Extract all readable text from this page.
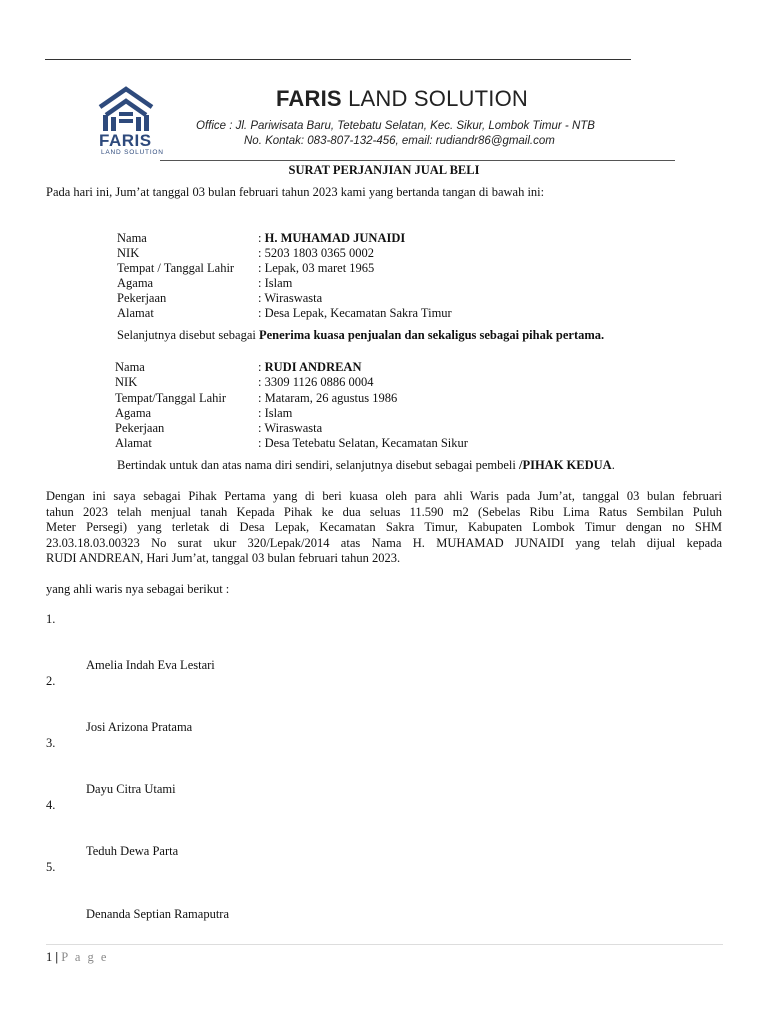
FARIS
LAND SOLUTION
FARIS LAND SOLUTION
Office : Jl. Pariwisata Baru, Tetebatu Selatan, Kec. Sikur, Lombok Timur - NTB
No. Kontak: 083-807-132-456, email: rudiandr86@gmail.com
SURAT PERJANJIAN JUAL BELI
Pada hari ini, Jum’at tanggal 03 bulan februari tahun 2023 kami yang bertanda tangan di bawah ini:
Nama	: H. MUHAMAD JUNAIDI
NIK	: 5203 1803 0365 0002
Tempat / Tanggal Lahir : Lepak, 03 maret 1965
Agama	: Islam
Pekerjaan	: Wiraswasta
Alamat	: Desa Lepak, Kecamatan Sakra Timur
Selanjutnya disebut sebagai Penerima kuasa penjualan dan sekaligus sebagai pihak pertama.
Nama	: RUDI ANDREAN
NIK	: 3309 1126 0886 0004
Tempat/Tanggal Lahir	: Mataram, 26 agustus 1986
Agama	: Islam
Pekerjaan	: Wiraswasta
Alamat	: Desa Tetebatu Selatan, Kecamatan Sikur
Bertindak untuk dan atas nama diri sendiri, selanjutnya disebut sebagai pembeli /PIHAK KEDUA.
Dengan ini saya sebagai Pihak Pertama yang di beri kuasa oleh para ahli Waris pada Jum’at, tanggal 03 bulan februari
tahun 2023 telah menjual tanah Kepada Pihak ke dua seluas 11.590 m2 (Sebelas Ribu Lima Ratus Sembilan Puluh
Meter Persegi) yang terletak di Desa Lepak, Kecamatan Sakra Timur, Kabupaten Lombok Timur dengan no SHM
23.03.18.03.00323 No surat ukur 320/Lepak/2014 atas Nama H. MUHAMAD JUNAIDI yang telah dijual kepada
RUDI ANDREAN, Hari Jum’at, tanggal 03 bulan februari tahun 2023.
yang ahli waris nya sebagai berikut :
1.
Amelia Indah Eva Lestari
2.
Josi Arizona Pratama
3.
Dayu Citra Utami
4.
Teduh Dewa Parta
5.
Denanda Septian Ramaputra
1 | P a g e
